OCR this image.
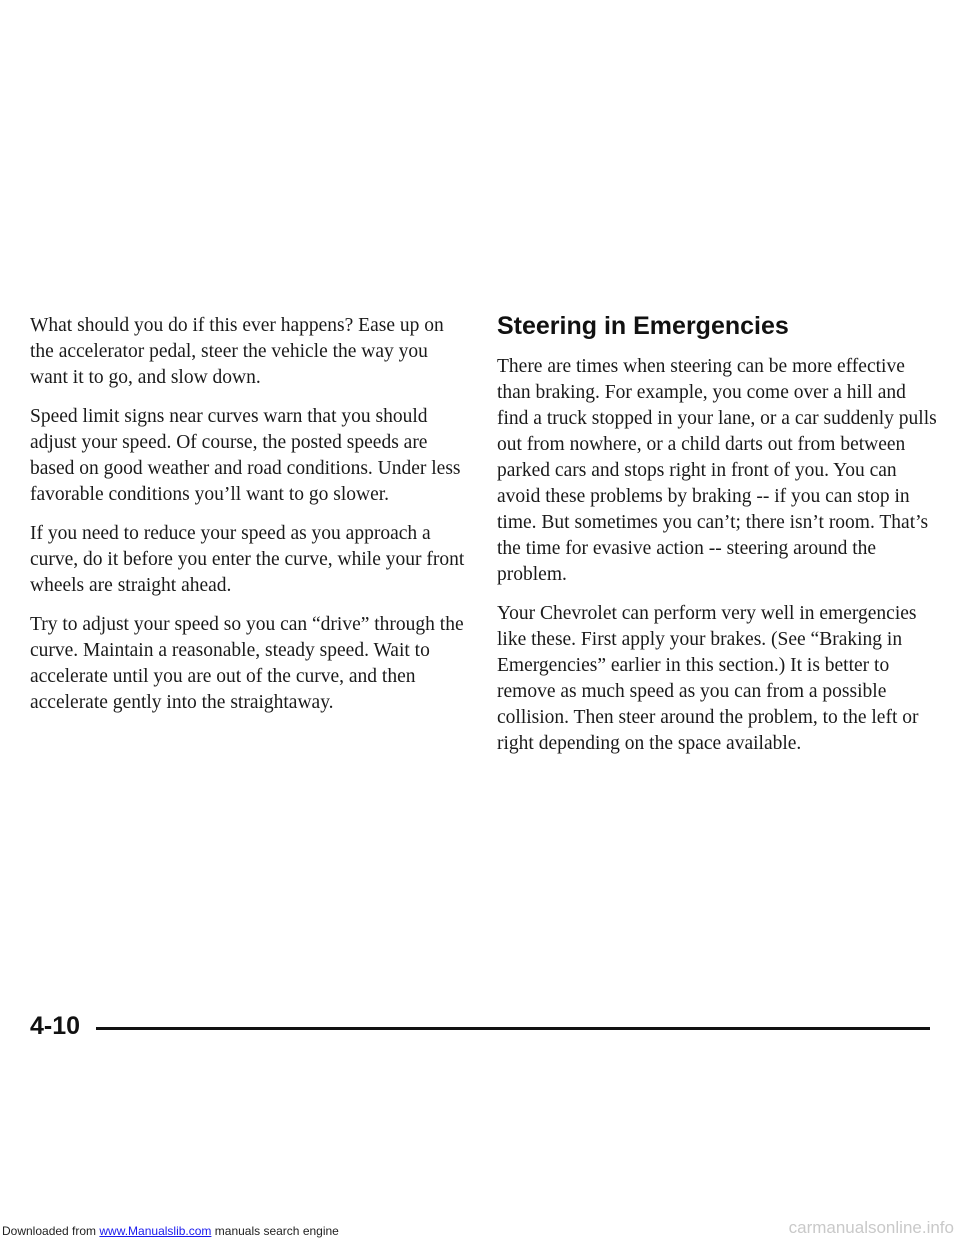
What should you do if this ever happens? Ease up on the accelerator pedal, steer the vehicle the way you want it to go, and slow down.

Speed limit signs near curves warn that you should adjust your speed. Of course, the posted speeds are based on good weather and road conditions. Under less favorable conditions you’ll want to go slower.

If you need to reduce your speed as you approach a curve, do it before you enter the curve, while your front wheels are straight ahead.

Try to adjust your speed so you can “drive” through the curve. Maintain a reasonable, steady speed. Wait to accelerate until you are out of the curve, and then accelerate gently into the straightaway.

Steering in Emergencies

There are times when steering can be more effective than braking. For example, you come over a hill and find a truck stopped in your lane, or a car suddenly pulls out from nowhere, or a child darts out from between parked cars and stops right in front of you. You can avoid these problems by braking -- if you can stop in time. But sometimes you can’t; there isn’t room. That’s the time for evasive action -- steering around the problem.

Your Chevrolet can perform very well in emergencies like these. First apply your brakes. (See “Braking in Emergencies” earlier in this section.) It is better to remove as much speed as you can from a possible collision. Then steer around the problem, to the left or right depending on the space available.

4-10
Downloaded from www.Manualslib.com manuals search engine	carmanualsonline.info
